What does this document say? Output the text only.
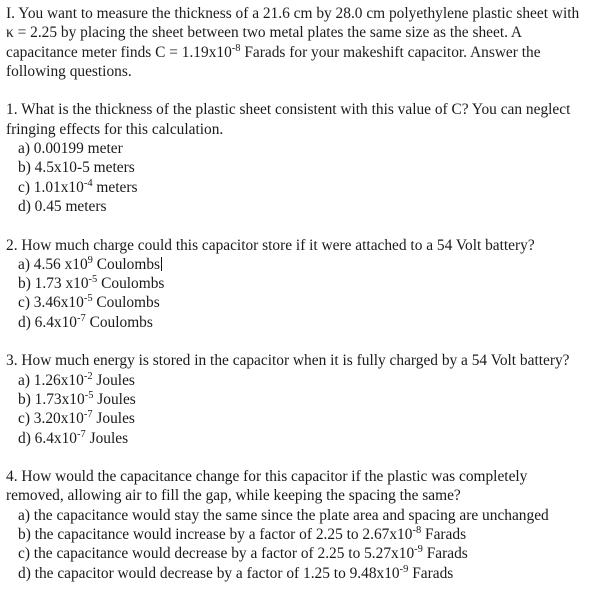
I. You want to measure the thickness of a 21.6 cm by 28.0 cm polyethylene plastic sheet with κ = 2.25 by placing the sheet between two metal plates the same size as the sheet. A capacitance meter finds $C = 1.19x10^{-8}$ Farads for your makeshift capacitor. Answer the following questions.

1. What is the thickness of the plastic sheet consistent with this value of C? You can neglect fringing effects for this calculation.

a) 0.00199 meter
b) 4.5x10-5 meters
c) $1.01x10^{-4}$ meters
d) 0.45 meters

2. How much charge could this capacitor store if it were attached to a 54 Volt battery?

a) 4.56 $x10^9$ Coulombs
b) 1.73 $x10^{-5}$ Coulombs
c) $3.46x10^{-5}$ Coulombs
d) $6.4x10^{-7}$ Coulombs

3. How much energy is stored in the capacitor when it is fully charged by a 54 Volt battery?

a) $1.26x10^{-2}$ Joules
b) $1.73x10^{-5}$ Joules
c) $3.20x10^{-7}$ Joules
d) $6.4x10^{-7}$ Joules

4. How would the capacitance change for this capacitor if the plastic was completely removed, allowing air to fill the gap, while keeping the spacing the same?

a) the capacitance would stay the same since the plate area and spacing are unchanged
b) the capacitance would increase by a factor of 2.25 to $2.67x10^{-8}$ Farads
c) the capacitance would decrease by a factor of 2.25 to $5.27x10^{-9}$ Farads
d) the capacitor would decrease by a factor of 1.25 to $9.48x10^{-9}$ Farads
